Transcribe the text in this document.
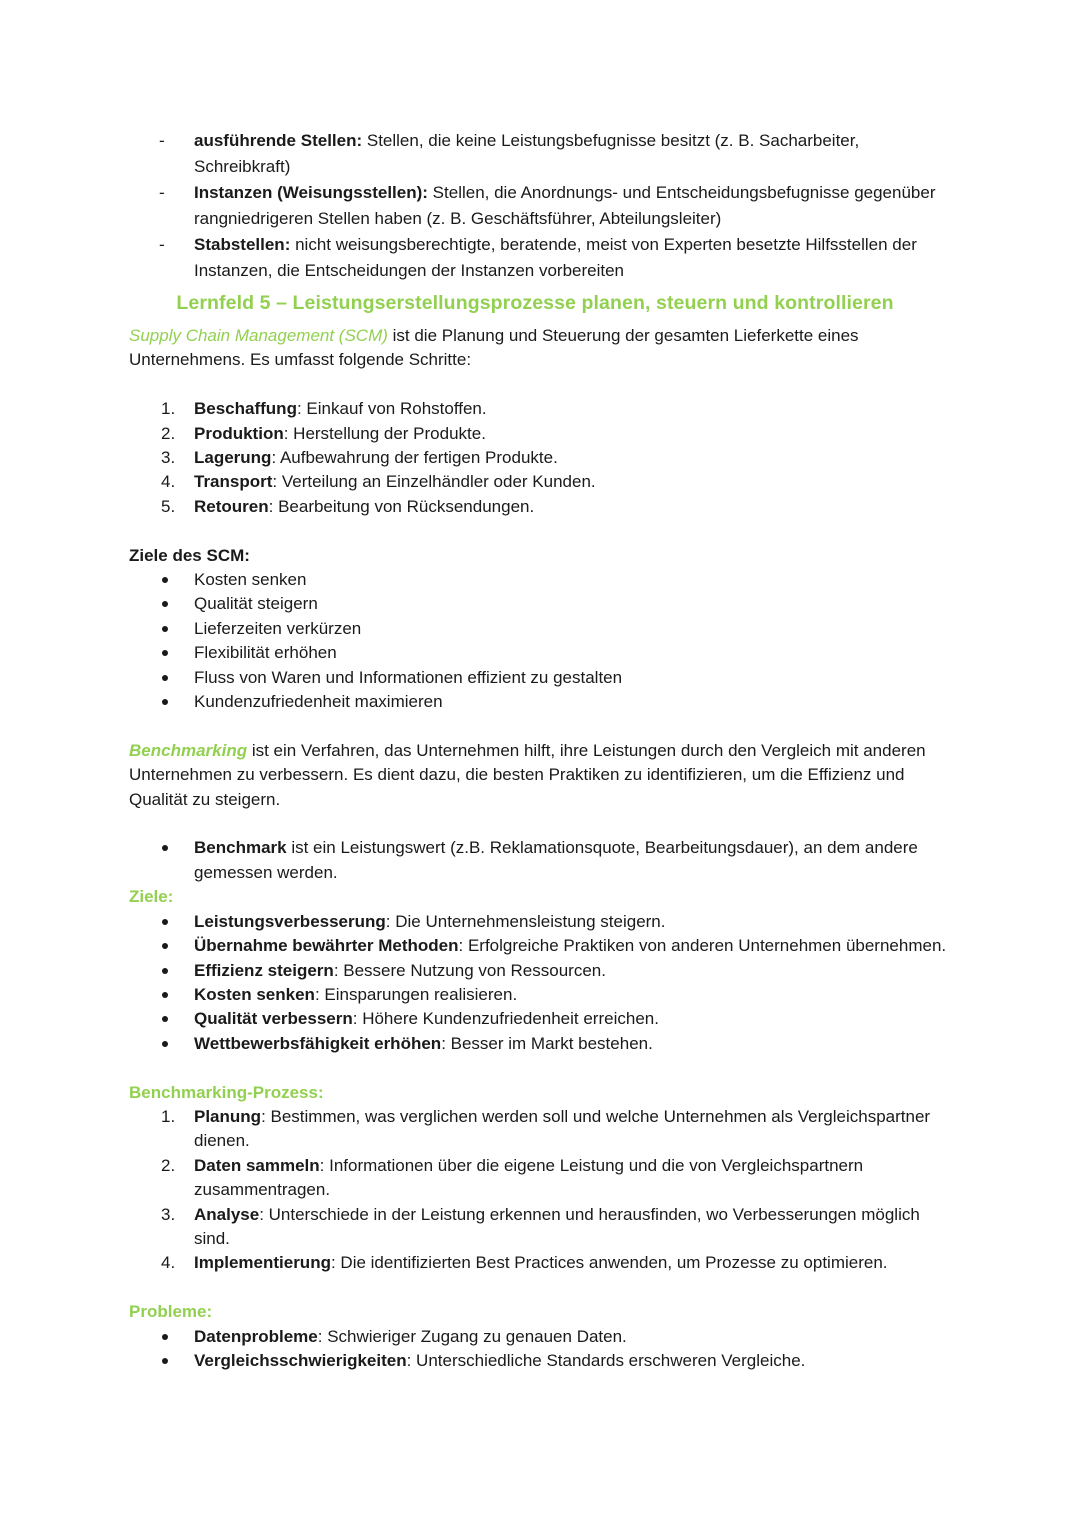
- ausführende Stellen: Stellen, die keine Leistungsbefugnisse besitzt (z. B. Sacharbeiter, Schreibkraft)
- Instanzen (Weisungsstellen): Stellen, die Anordnungs- und Entscheidungsbefugnisse gegenüber rangniedrigeren Stellen haben (z. B. Geschäftsführer, Abteilungsleiter)
- Stabstellen: nicht weisungsberechtigte, beratende, meist von Experten besetzte Hilfsstellen der Instanzen, die Entscheidungen der Instanzen vorbereiten
Lernfeld 5 – Leistungserstellungsprozesse planen, steuern und kontrollieren

Supply Chain Management (SCM) ist die Planung und Steuerung der gesamten Lieferkette eines Unternehmens. Es umfasst folgende Schritte:

1. Beschaffung: Einkauf von Rohstoffen.
2. Produktion: Herstellung der Produkte.
3. Lagerung: Aufbewahrung der fertigen Produkte.
4. Transport: Verteilung an Einzelhändler oder Kunden.
5. Retouren: Bearbeitung von Rücksendungen.
Ziele des SCM:
Kosten senken
Qualität steigern
Lieferzeiten verkürzen
Flexibilität erhöhen
Fluss von Waren und Informationen effizient zu gestalten
Kundenzufriedenheit maximieren

Benchmarking ist ein Verfahren, das Unternehmen hilft, ihre Leistungen durch den Vergleich mit anderen Unternehmen zu verbessern. Es dient dazu, die besten Praktiken zu identifizieren, um die Effizienz und Qualität zu steigern.

Benchmark ist ein Leistungswert (z.B. Reklamationsquote, Bearbeitungsdauer), an dem andere gemessen werden.
Ziele:
Leistungsverbesserung: Die Unternehmensleistung steigern.
Übernahme bewährter Methoden: Erfolgreiche Praktiken von anderen Unternehmen übernehmen.
Effizienz steigern: Bessere Nutzung von Ressourcen.
Kosten senken: Einsparungen realisieren.
Qualität verbessern: Höhere Kundenzufriedenheit erreichen.
Wettbewerbsfähigkeit erhöhen: Besser im Markt bestehen.
Benchmarking-Prozess:
1. Planung: Bestimmen, was verglichen werden soll und welche Unternehmen als Vergleichspartner dienen.
2. Daten sammeln: Informationen über die eigene Leistung und die von Vergleichspartnern zusammentragen.
3. Analyse: Unterschiede in der Leistung erkennen und herausfinden, wo Verbesserungen möglich sind.
4. Implementierung: Die identifizierten Best Practices anwenden, um Prozesse zu optimieren.
Probleme:
Datenprobleme: Schwieriger Zugang zu genauen Daten.
Vergleichsschwierigkeiten: Unterschiedliche Standards erschweren Vergleiche.
